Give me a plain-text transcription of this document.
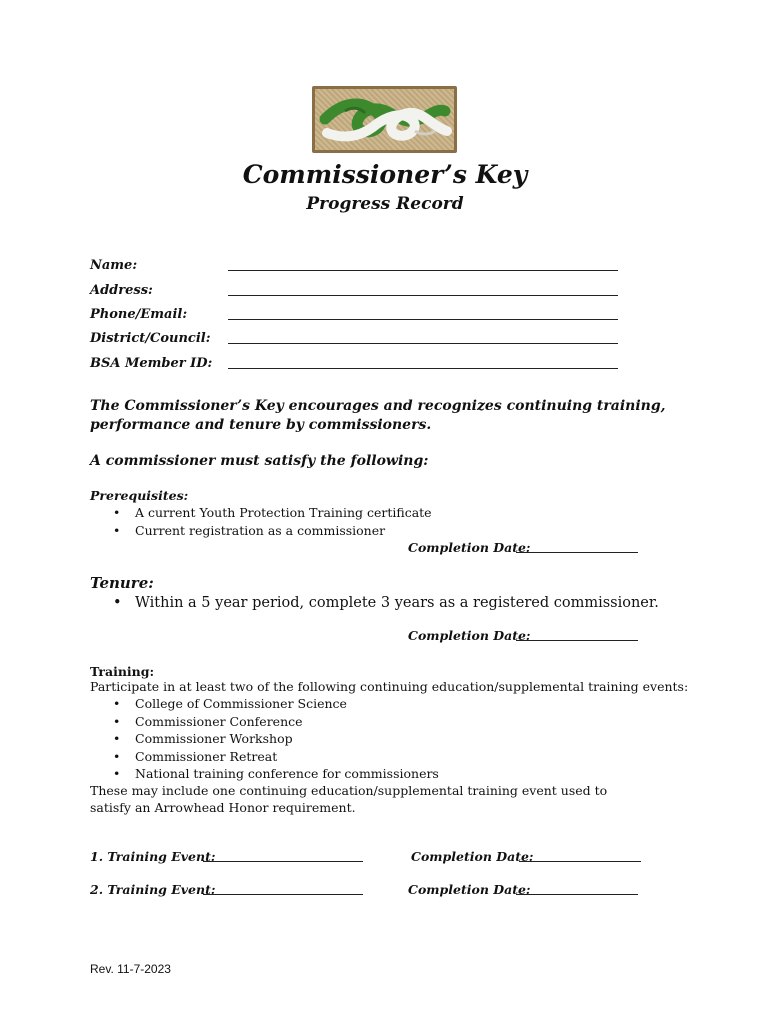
Commissioner’s Key
Progress Record
Name:
Address:
Phone/Email:
District/Council:
BSA Member ID:
The Commissioner’s Key encourages and recognizes continuing training, performance and tenure by commissioners.
A commissioner must satisfy the following:
Prerequisites:
• A current Youth Protection Training certificate
• Current registration as a commissioner
Completion Date:
Tenure:
• Within a 5 year period, complete 3 years as a registered commissioner.
Completion Date:
Training:
Participate in at least two of the following continuing education/supplemental training events:
• College of Commissioner Science
• Commissioner Conference
• Commissioner Workshop
• Commissioner Retreat
• National training conference for commissioners
These may include one continuing education/supplemental training event used to satisfy an Arrowhead Honor requirement.
1. Training Event:	Completion Date:
2. Training Event:	Completion Date:
Rev. 11-7-2023
